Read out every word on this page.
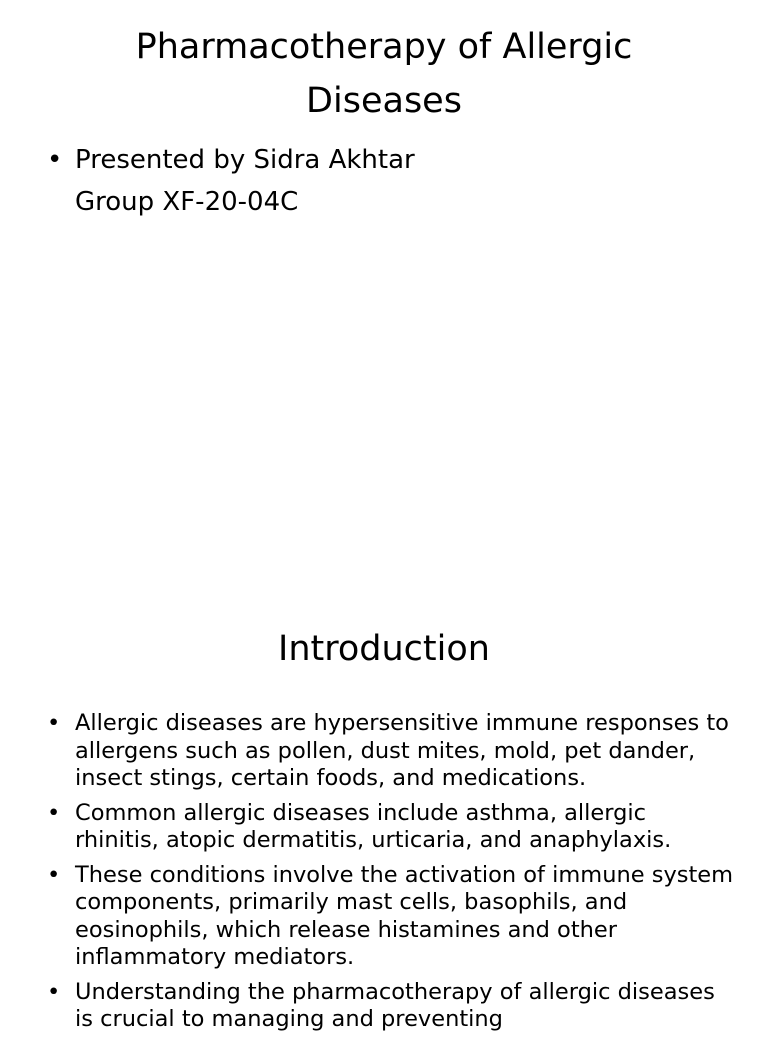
Pharmacotherapy of Allergic
Diseases
• Presented by Sidra Akhtar
Group XF-20-04C
Introduction
• Allergic diseases are hypersensitive immune responses to allergens such as pollen, dust mites, mold, pet dander, insect stings, certain foods, and medications.
• Common allergic diseases include asthma, allergic rhinitis, atopic dermatitis, urticaria, and anaphylaxis.
• These conditions involve the activation of immune system components, primarily mast cells, basophils, and eosinophils, which release histamines and other inflammatory mediators.
• Understanding the pharmacotherapy of allergic diseases is crucial to managing and preventing
